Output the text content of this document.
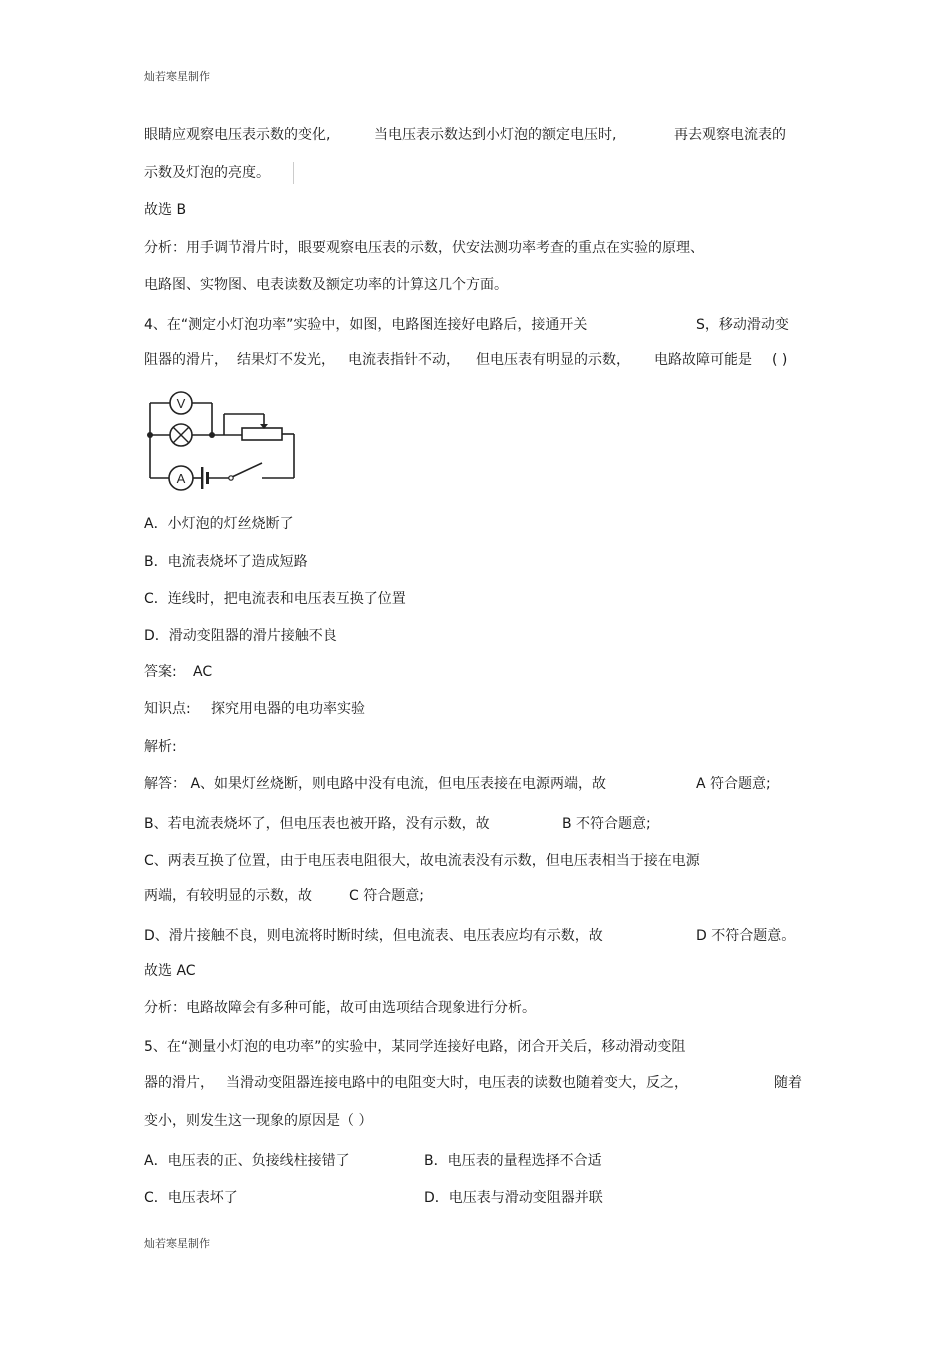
灿若寒星制作
眼睛应观察电压表示数的变化,	当电压表示数达到小灯泡的额定电压时,	再去观察电流表的
示数及灯泡的亮度。
故选 B
分析：用手调节滑片时，眼要观察电压表的示数，伏安法测功率考查的重点在实验的原理、
电路图、实物图、电表读数及额定功率的计算这几个方面。
4、在“测定小灯泡功率”实验中，如图，电路图连接好电路后，接通开关	S，移动滑动变
阻器的滑片， 结果灯不发光， 电流表指针不动， 但电压表有明显的示数， 电路故障可能是 ( )
V
A
A．小灯泡的灯丝烧断了
B．电流表烧坏了造成短路
C．连线时，把电流表和电压表互换了位置
D．滑动变阻器的滑片接触不良
答案: AC
知识点: 探究用电器的电功率实验
解析:
解答： A、如果灯丝烧断，则电路中没有电流，但电压表接在电源两端，故	A 符合题意;
B、若电流表烧坏了，但电压表也被开路，没有示数，故	B 不符合题意;
C、两表互换了位置，由于电压表电阻很大，故电流表没有示数，但电压表相当于接在电源
两端，有较明显的示数，故	C 符合题意;
D、滑片接触不良，则电流将时断时续，但电流表、电压表应均有示数，故	D 不符合题意。
故选 AC
分析：电路故障会有多种可能，故可由选项结合现象进行分析。
5、在“测量小灯泡的电功率”的实验中，某同学连接好电路，闭合开关后，移动滑动变阻
器的滑片， 当滑动变阻器连接电路中的电阻变大时，电压表的读数也随着变大，反之，	随着
变小，则发生这一现象的原因是（ ）
A．电压表的正、负接线柱接错了	B．电压表的量程选择不合适
C．电压表坏了	D．电压表与滑动变阻器并联
灿若寒星制作
